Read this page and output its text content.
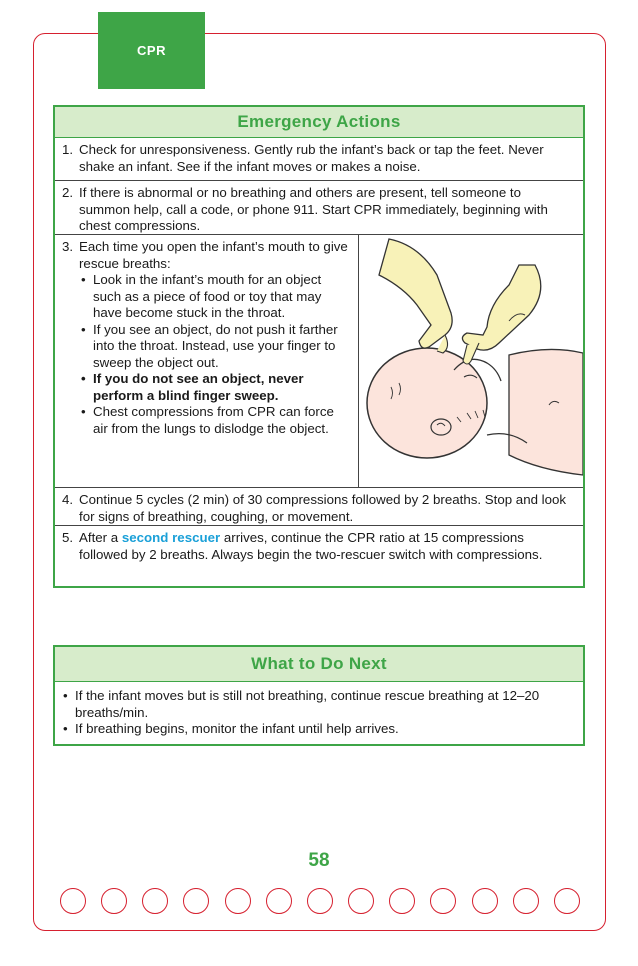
CPR
Emergency Actions
1. Check for unresponsiveness. Gently rub the infant’s back or tap the feet. Never shake an infant. See if the infant moves or makes a noise.
2. If there is abnormal or no breathing and others are present, tell someone to summon help, call a code, or phone 911. Start CPR immediately, beginning with chest compressions.
3. Each time you open the infant’s mouth to give rescue breaths:
• Look in the infant’s mouth for an object such as a piece of food or toy that may have become stuck in the throat.
• If you see an object, do not push it farther into the throat. Instead, use your finger to sweep the object out.
• If you do not see an object, never perform a blind finger sweep.
• Chest compressions from CPR can force air from the lungs to dislodge the object.
4. Continue 5 cycles (2 min) of 30 compressions followed by 2 breaths. Stop and look for signs of breathing, coughing, or movement.
5. After a second rescuer arrives, continue the CPR ratio at 15 compressions followed by 2 breaths. Always begin the two-rescuer switch with compressions.
What to Do Next
• If the infant moves but is still not breathing, continue rescue breathing at 12–20 breaths/min.
• If breathing begins, monitor the infant until help arrives.
58
